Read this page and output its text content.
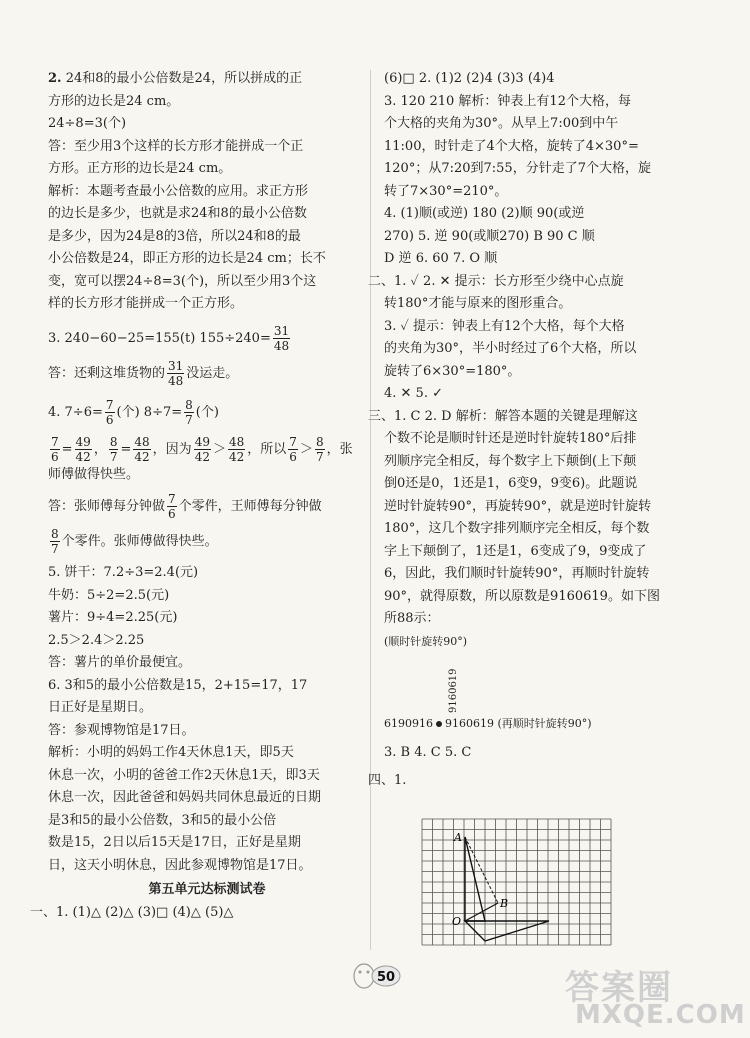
2. 24和8的最小公倍数是24，所以拼成的正
方形的边长是24 cm。
24÷8=3(个)
答：至少用3个这样的长方形才能拼成一个正
方形。正方形的边长是24 cm。
解析：本题考查最小公倍数的应用。求正方形
的边长是多少，也就是求24和8的最小公倍数
是多少，因为24是8的3倍，所以24和8的最
小公倍数是24，即正方形的边长是24 cm；长不
变，宽可以摆24÷8=3(个)，所以至少用3个这
样的长方形才能拼成一个正方形。
3. 240−60−25=155(t) $155\div 240= \frac{31}{48}$
答：还剩这堆货物的 $\frac{31}{48}$ 没运走。
4. $7\div 6= \frac{7}{6}$ (个) $8\div 7= \frac{8}{7}$ (个)
$\frac{7}{6} = \frac{49}{42}$ ， $\frac{8}{7} = \frac{48}{42}$ ，因为 $\frac{49}{42} > \frac{48}{42}$ ，所以 $\frac{7}{6} > \frac{8}{7}$ ，张
师傅做得快些。
答：张师傅每分钟做 $\frac{7}{6}$ 个零件，王师傅每分钟做
$\frac{8}{7}$ 个零件。张师傅做得快些。
5. 饼干：7.2÷3=2.4(元)
牛奶：5÷2=2.5(元)
薯片：9÷4=2.25(元)
2.5＞2.4＞2.25
答：薯片的单价最便宜。
6. 3和5的最小公倍数是15，2+15=17，17
日正好是星期日。
答：参观博物馆是17日。
解析：小明的妈妈工作4天休息1天，即5天
休息一次，小明的爸爸工作2天休息1天，即3天
休息一次，因此爸爸和妈妈共同休息最近的日期
是3和5的最小公倍数，3和5的最小公倍
数是15，2日以后15天是17日，正好是星期
日，这天小明休息，因此参观博物馆是17日。
第五单元达标测试卷
一、1. (1)△ (2)△ (3)□ (4)△ (5)△
(6)□ 2. (1)2 (2)4 (3)3 (4)4
3. 120 210 解析：钟表上有12个大格，每
个大格的夹角为30°。从早上7:00到中午
11:00，时针走了4个大格，旋转了4×30°=
120°；从7:20到7:55，分针走了7个大格，旋
转了7×30°=210°。
4. (1)顺(或逆) 180 (2)顺 90(或逆
270) 5. 逆 90(或顺270) B 90 C 顺
D 逆 6. 60 7. O 顺
二、1. ✓ 2. ✕ 提示：长方形至少绕中心点旋
转180°才能与原来的图形重合。
3. ✓ 提示：钟表上有12个大格，每个大格
的夹角为30°，半小时经过了6个大格，所以
旋转了6×30°=180°。
4. ✕ 5. ✓
三、1. C 2. D 解析：解答本题的关键是理解这
个数不论是顺时针还是逆时针旋转180°后排
列顺序完全相反，每个数字上下颠倒(上下颠
倒0还是0，1还是1，6变9，9变6)。此题说
逆时针旋转90°，再旋转90°，就是逆时针旋转
180°，这几个数字排列顺序完全相反，每个数
字上下颠倒了，1还是1，6变成了9，9变成了
6，因此，我们顺时针旋转90°，再顺时针旋转
90°，就得原数，所以原数是9160619。如下图
所88示：
(顺时针旋转90°)
6190916 9160619 (再顺时针旋转90°)
3. B 4. C 5. C
四、1.
9160619
A
B
O
50	答案圈
MXQE.COM
